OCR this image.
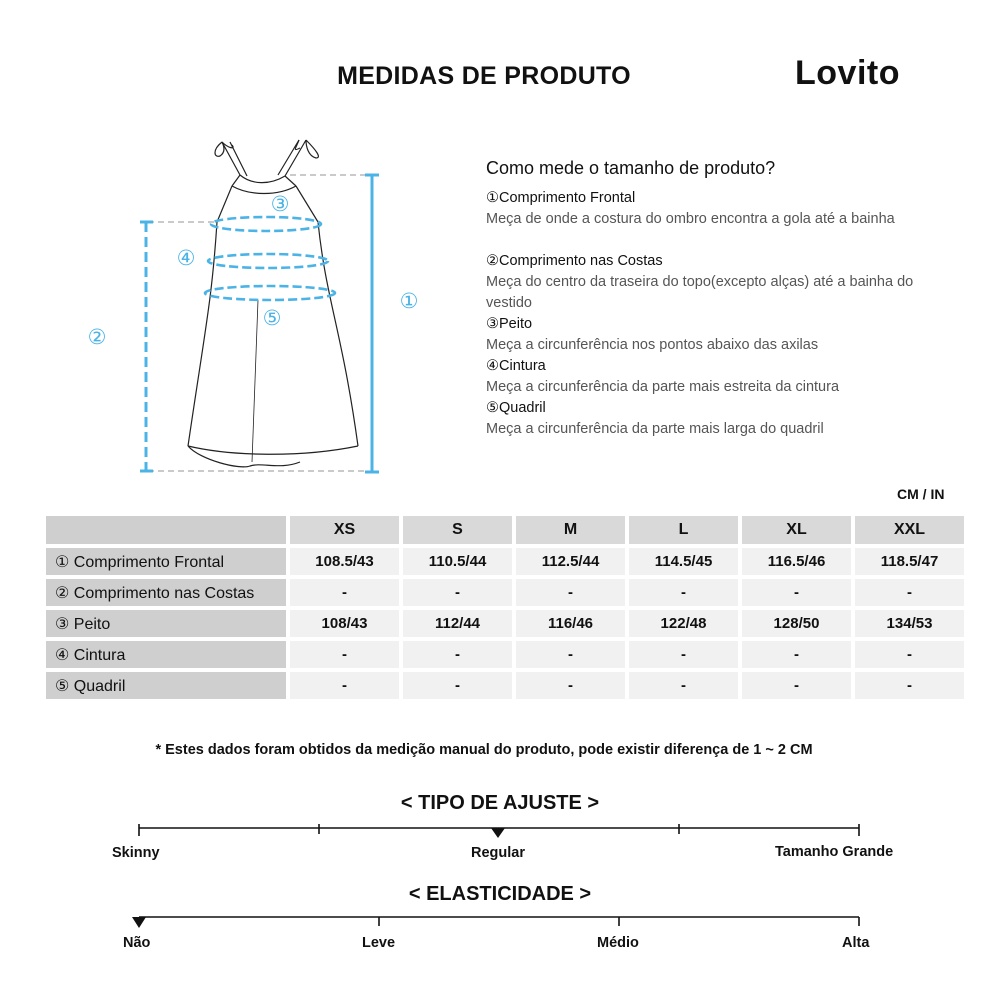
MEDIDAS DE PRODUTO	Lovito
①
②
③
④
⑤
Como mede o tamanho de produto?
①Comprimento Frontal
Meça de onde a costura do ombro encontra a gola até a bainha
②Comprimento nas Costas
Meça do centro da traseira do topo(excepto alças) até a bainha do vestido
③Peito
Meça a circunferência nos pontos abaixo das axilas
④Cintura
Meça a circunferência da parte mais estreita da cintura
⑤Quadril
Meça a circunferência da parte mais larga do quadril
CM / IN
	XS	S	M	L	XL	XXL
① Comprimento Frontal	108.5/43	110.5/44	112.5/44	114.5/45	116.5/46	118.5/47
② Comprimento nas Costas	-	-	-	-	-	-
③ Peito	108/43	112/44	116/46	122/48	128/50	134/53
④ Cintura	-	-	-	-	-	-
⑤ Quadril	-	-	-	-	-	-
* Estes dados foram obtidos da medição manual do produto, pode existir diferença de 1 ~ 2 CM
< TIPO DE AJUSTE >
Skinny	Regular	Tamanho Grande
< ELASTICIDADE >
Não	Leve	Médio	Alta
